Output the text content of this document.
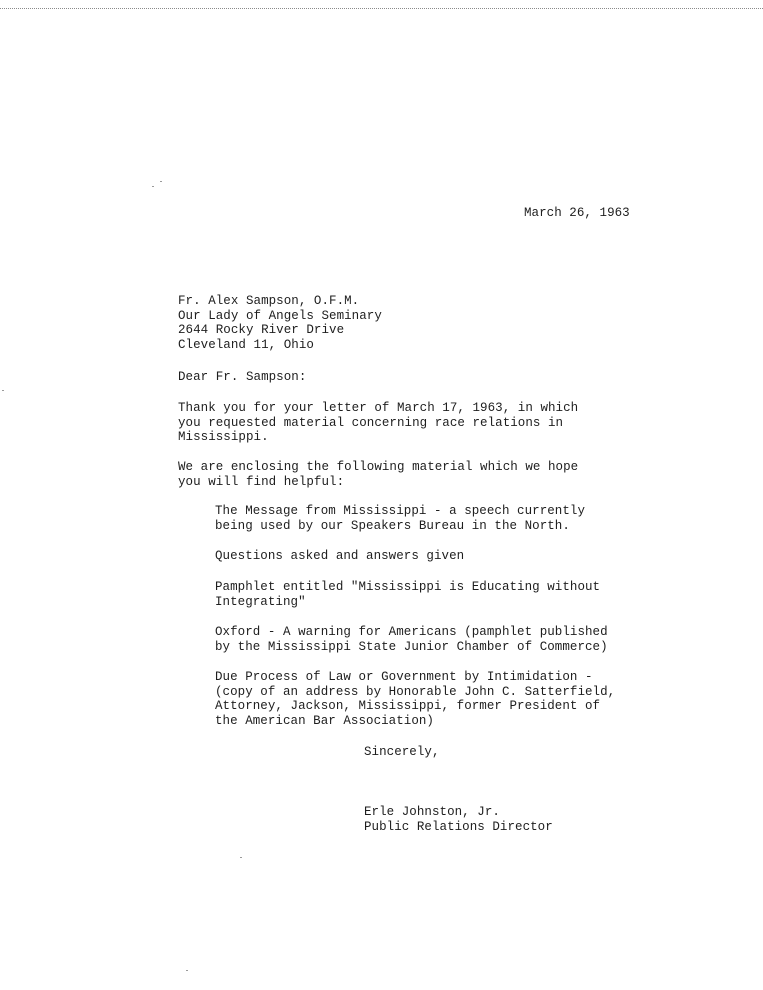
March 26, 1963
Fr. Alex Sampson, O.F.M.
Our Lady of Angels Seminary
2644 Rocky River Drive
Cleveland 11, Ohio
Dear Fr. Sampson:
Thank you for your letter of March 17, 1963, in which
you requested material concerning race relations in
Mississippi.
We are enclosing the following material which we hope
you will find helpful:
The Message from Mississippi - a speech currently
being used by our Speakers Bureau in the North.
Questions asked and answers given
Pamphlet entitled "Mississippi is Educating without
Integrating"
Oxford - A warning for Americans (pamphlet published
by the Mississippi State Junior Chamber of Commerce)
Due Process of Law or Government by Intimidation -
(copy of an address by Honorable John C. Satterfield,
Attorney, Jackson, Mississippi, former President of
the American Bar Association)
Sincerely,
Erle Johnston, Jr.
Public Relations Director
